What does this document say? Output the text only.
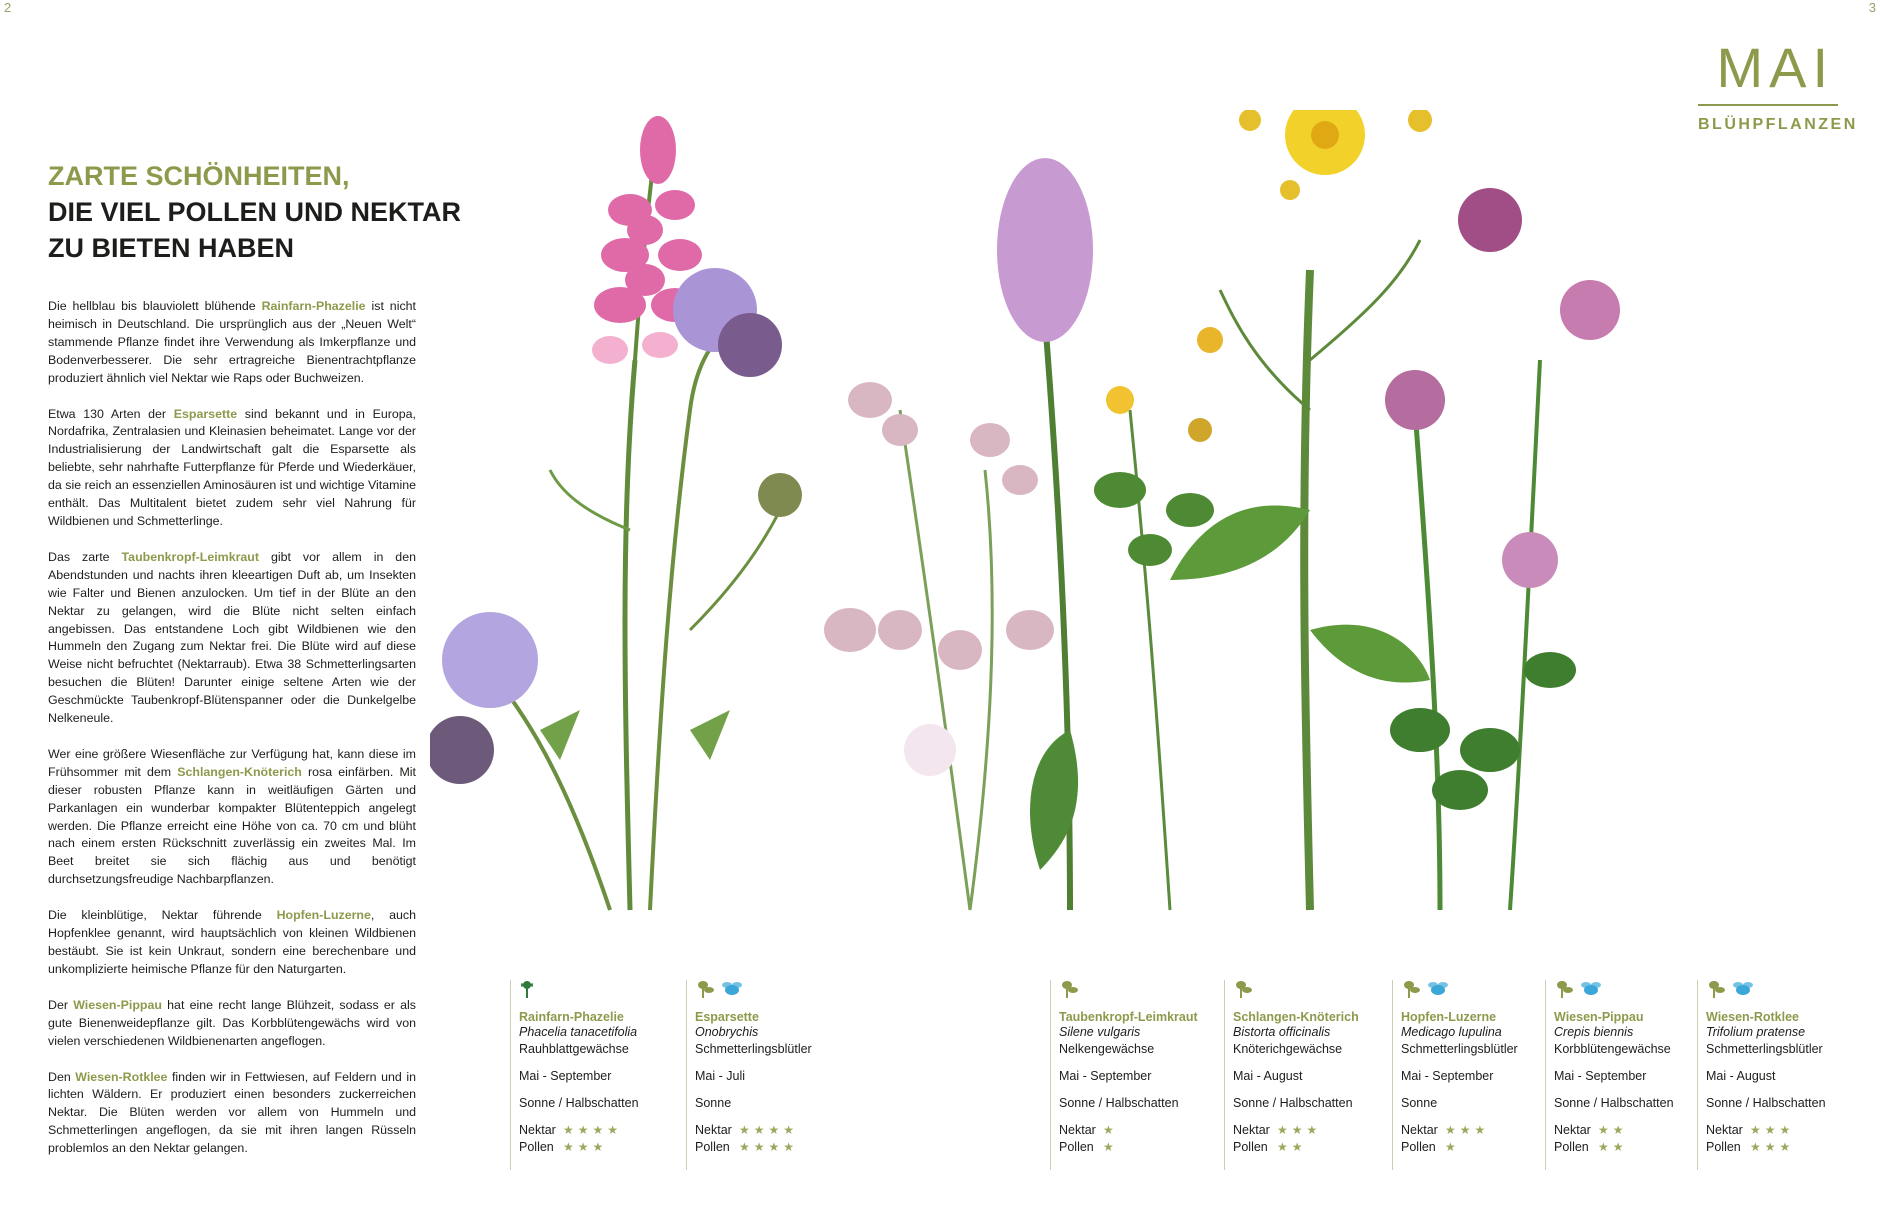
2	3
MAI
BLÜHPFLANZEN
ZARTE SCHÖNHEITEN,
DIE VIEL POLLEN UND NEKTAR
ZU BIETEN HABEN

Die hellblau bis blauviolett blühende Rainfarn-Phazelie ist nicht heimisch in Deutschland. Die ursprünglich aus der „Neuen Welt“ stammende Pflanze findet ihre Verwendung als Imkerpflanze und Bodenverbesserer. Die sehr ertragreiche Bienentrachtpflanze produziert ähnlich viel Nektar wie Raps oder Buchweizen.

Etwa 130 Arten der Esparsette sind bekannt und in Europa, Nordafrika, Zentralasien und Kleinasien beheimatet. Lange vor der Industrialisierung der Landwirtschaft galt die Esparsette als beliebte, sehr nahrhafte Futterpflanze für Pferde und Wiederkäuer, da sie reich an essenziellen Aminosäuren ist und wichtige Vitamine enthält. Das Multitalent bietet zudem sehr viel Nahrung für Wildbienen und Schmetterlinge.

Das zarte Taubenkropf-Leimkraut gibt vor allem in den Abendstunden und nachts ihren kleeartigen Duft ab, um Insekten wie Falter und Bienen anzulocken. Um tief in der Blüte an den Nektar zu gelangen, wird die Blüte nicht selten einfach angebissen. Das entstandene Loch gibt Wildbienen wie den Hummeln den Zugang zum Nektar frei. Die Blüte wird auf diese Weise nicht befruchtet (Nektarraub). Etwa 38 Schmetterlingsarten besuchen die Blüten! Darunter einige seltene Arten wie der Geschmückte Taubenkropf-Blütenspanner oder die Dunkelgelbe Nelkeneule.

Wer eine größere Wiesenfläche zur Verfügung hat, kann diese im Frühsommer mit dem Schlangen-Knöterich rosa einfärben. Mit dieser robusten Pflanze kann in weitläufigen Gärten und Parkanlagen ein wunderbar kompakter Blütenteppich angelegt werden. Die Pflanze erreicht eine Höhe von ca. 70 cm und blüht nach einem ersten Rückschnitt zuverlässig ein zweites Mal. Im Beet breitet sie sich flächig aus und benötigt durchsetzungsfreudige Nachbarpflanzen.

Die kleinblütige, Nektar führende Hopfen-Luzerne, auch Hopfenklee genannt, wird hauptsächlich von kleinen Wildbienen bestäubt. Sie ist kein Unkraut, sondern eine berechenbare und unkomplizierte heimische Pflanze für den Naturgarten.

Der Wiesen-Pippau hat eine recht lange Blühzeit, sodass er als gute Bienenweidepflanze gilt. Das Korbblütengewächs wird von vielen verschiedenen Wildbienenarten angeflogen.

Den Wiesen-Rotklee finden wir in Fettwiesen, auf Feldern und in lichten Wäldern. Er produziert einen besonders zuckerreichen Nektar. Die Blüten werden vor allem von Hummeln und Schmetterlingen angeflogen, da sie mit ihren langen Rüsseln problemlos an den Nektar gelangen.

Rainfarn-Phazelie
Phacelia tanacetifolia
Rauhblattgewächse
Mai - September
Sonne / Halbschatten
Nektar ★★★★
Pollen ★★★
Esparsette
Onobrychis
Schmetterlingsblütler
Mai - Juli
Sonne
Nektar ★★★★
Pollen ★★★★
Taubenkropf-Leimkraut
Silene vulgaris
Nelkengewächse
Mai - September
Sonne / Halbschatten
Nektar ★
Pollen ★
Schlangen-Knöterich
Bistorta officinalis
Knöterichgewächse
Mai - August
Sonne / Halbschatten
Nektar ★★★
Pollen ★★
Hopfen-Luzerne
Medicago lupulina
Schmetterlingsblütler
Mai - September
Sonne
Nektar ★★★
Pollen ★
Wiesen-Pippau
Crepis biennis
Korbblütengewächse
Mai - September
Sonne / Halbschatten
Nektar ★★
Pollen ★★
Wiesen-Rotklee
Trifolium pratense
Schmetterlingsblütler
Mai - August
Sonne / Halbschatten
Nektar ★★★
Pollen ★★★
